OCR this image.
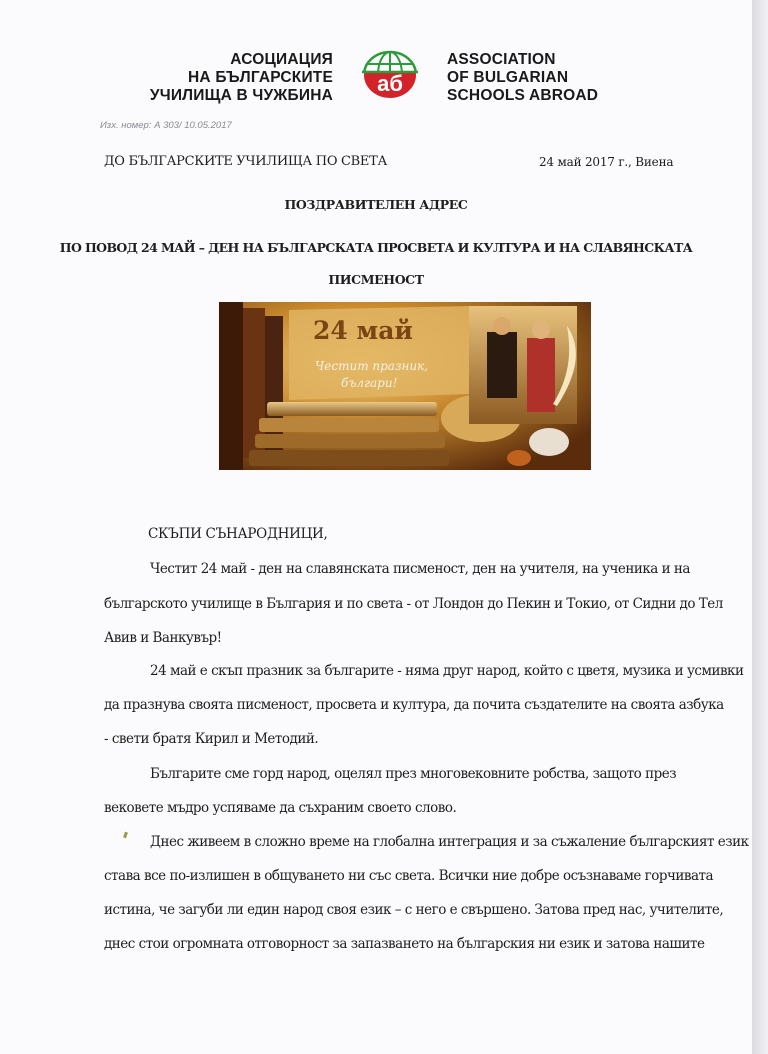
АСОЦИАЦИЯ
НА БЪЛГАРСКИТЕ
УЧИЛИЩА В ЧУЖБИНА аб
ASSOCIATION
OF BULGARIAN
SCHOOLS ABROAD
Изх. номер: А 303/ 10.05.2017
ДО БЪЛГАРСКИТЕ УЧИЛИЩА ПО СВЕТА	24 май 2017 г., Виена
ПОЗДРАВИТЕЛЕН АДРЕС
ПО ПОВОД 24 МАЙ – ДЕН НА БЪЛГАРСКАТА ПРОСВЕТА И КУЛТУРА И НА СЛАВЯНСКАТА
ПИСМЕНОСТ
24 май
Честит празник,
българи!
СКЪПИ СЪНАРОДНИЦИ,
Честит 24 май - ден на славянската писменост, ден на учителя, на ученика и на
българското училище в България и по света - от Лондон до Пекин и Токио, от Сидни до Тел
Авив и Ванкувър!
24 май е скъп празник за българите - няма друг народ, който с цветя, музика и усмивки
да празнува своята писменост, просвета и култура, да почита създателите на своята азбука
- свети братя Кирил и Методий.
Българите сме горд народ, оцелял през многовековните робства, защото през
вековете мъдро успяваме да съхраним своето слово.
Днес живеем в сложно време на глобална интеграция и за съжаление българският език
става все по-излишен в общуването ни със света. Всички ние добре осъзнаваме горчивата
истина, че загуби ли един народ своя език – с него е свършено. Затова пред нас, учителите,
днес стои огромната отговорност за запазването на българския ни език и затова нашите
